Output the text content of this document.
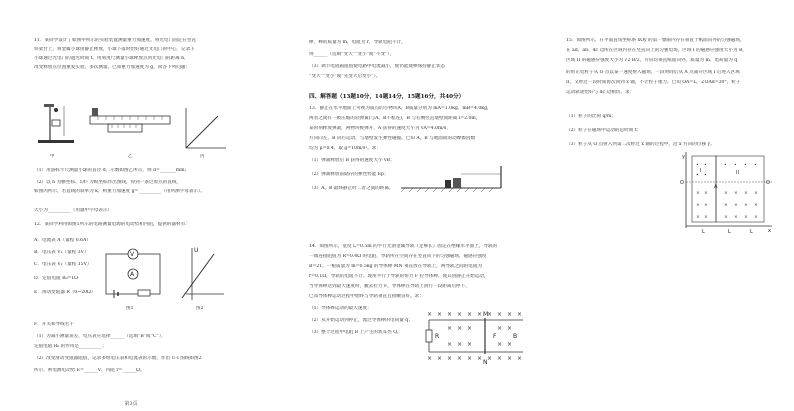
11．某同学设计了如图甲所示的实验装置测量重力加速度。将光电门固定在竖直
铁架台上，将金属小球由静止释放，小球下落时恰好通过光电门的中心，记录下
小球通过光电门的遮光时间 t，用刻度尺测量小球释放点到光电门的距离 h，
改变释放点位置重复实验，多次测量。已知重力加速度为 g，回答下列问题：
甲	乙	丙
（1）用游标卡尺测量小球的直径 d，示数如图乙所示，则 d=_______mm；
（2）以 h 为横坐标、1/t² 为纵坐标作出图线，得到一条过原点的直线，
如图丙所示，若直线的斜率为 k，则重力加速度 g=__________（用所测字母表示）。
大小为__________（用题中字母表示）
12．某同学利用如图1所示的电路测量电源的电动势和内阻，提供的器材有：
A．电流表 A（量程 0.6A）
B．电压表 V₁（量程 3V）
C．电压表 V₂（量程 15V）
D．定值电阻 R₀=1Ω
E．滑动变阻器 R（0~20Ω）
F．开关和导线若干
（1）为减小测量误差，电压表应选择______（选填“B”或“C”），
定值电阻 R₀ 的作用是__________；
（2）改变滑动变阻器阻值，记录多组电压表和电流表的示数，作出 U-I 图线如图2
所示，则电源电动势 E=______V，内阻 r=______Ω。
V
A
图1
U
图2
第3页
棒，棒的质量为 m，电阻为 r，导轨电阻不计，
则______（选填“变大”“变小”或“不变”），
（3）调节电阻箱阻值使电路中电流减小，使仍能使棒保持静止状态
“变大”“变小”或“先变大后变小”）。
四、解答题（13题10分，14题14分，15题16分，共40分）
13．静止在水平地面上可视为质点的小物块A、B质量分别为 mA=1.0kg、mB=4.0kg，
两者之间有一被压缩的轻弹簧(与A、B不粘连)，B 与右侧竖直墙壁间距离 l=2.0m，
某时刻释放弹簧，两物块被弹开，A 获得的速度大小为 vA=4.0m/s，
方向向左，B 向右运动，与墙壁发生弹性碰撞。已知 A、B 与地面间的动摩擦因数
均为 μ=0.4，取 g=10m/s²。求：
（1）弹簧释放后 B 获得的速度大小 vB；
（2）弹簧释放前储存的弹性势能 Ep；
（3）A、B 最终静止时二者之间的距离。
14．如图所示，宽度 L=0.5m 的平行光滑金属导轨（足够长）固定在绝缘水平面上，导轨的
一端连接阻值为 R=0.4Ω 的电阻，导轨所在空间存在竖直向下的匀强磁场，磁感应强度
B=2T。一根质量为 m=0.5kg 的导体棒 MN 垂直放在导轨上，两导轨之间的电阻为
r=0.1Ω，导轨的电阻不计。现用平行于导轨的恒力 F 拉导体棒，使其由静止开始运动，
当导体棒达到最大速度时，撤去拉力 F，导体棒在导轨上滑行一段距离后停下，
已知导体棒运动过程中始终与导轨垂直且接触良好。求：
（1）导体棒运动的最大速度；
（2）从开始运动到停止，流过导体棒的电荷量 q；
（3）整个过程中电阻 R 上产生的焦耳热 Q。
× × × × × × × × × ×
× × × × × × × × × ×
× × ×	× ×
× × ×	× ×
R
M
N
F	B
15．如图所示，在平面直角坐标系 xOy 的第一象限内存在垂直于纸面向外的匀强磁场，
在 ad、ab、dc 边所在区域内存在竖直向上的匀强电场，区域 I 的磁感应强度大小为 B，
区域 II 的磁感应强度大小为 √2 B/2，方向均垂直纸面向外。质量为 m、电荷量为 q
的带正电粒子从 O 点以某一速度射入磁场，一段时间后从 A 点离开区域 I 后进入区域
II，又经过一段时间再次回到 x 轴，不计粒子重力。已知 OA=L，∠OAd=30°，粒子
运动轨迹恰好与 dc 边相切，求：
（1）粒子的比荷 q/m；
（2）粒子在磁场中运动的总时间 t；
（3）粒子从 O 点射入到第二次经过 x 轴的过程中，沿 x 方向的位移 y。
• •
• •
× ×
× ×
× ×
• • • •
× × × ×
× × × ×
× × × ×
I	II
O	O
y
x
A
L	L	L
